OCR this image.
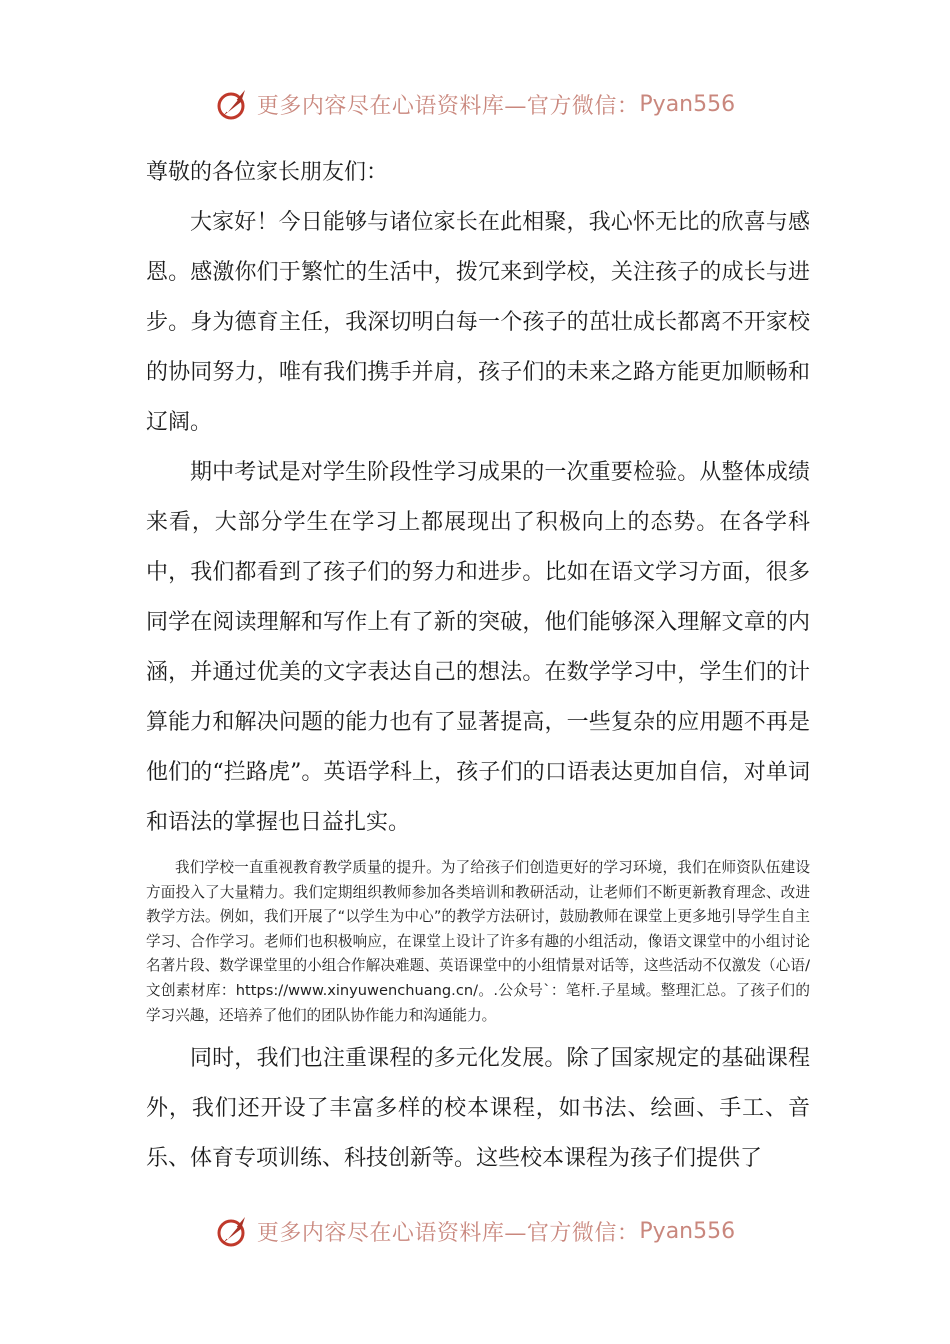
更多内容尽在心语资料库—官方微信： Pyan556

尊敬的各位家长朋友们：

大家好！今日能够与诸位家长在此相聚，我心怀无比的欣喜与感恩。感激你们于繁忙的生活中，拨冗来到学校，关注孩子的成长与进步。身为德育主任，我深切明白每一个孩子的茁壮成长都离不开家校的协同努力，唯有我们携手并肩，孩子们的未来之路方能更加顺畅和辽阔。

期中考试是对学生阶段性学习成果的一次重要检验。从整体成绩来看，大部分学生在学习上都展现出了积极向上的态势。在各学科中，我们都看到了孩子们的努力和进步。比如在语文学习方面，很多同学在阅读理解和写作上有了新的突破，他们能够深入理解文章的内涵，并通过优美的文字表达自己的想法。在数学学习中，学生们的计算能力和解决问题的能力也有了显著提高，一些复杂的应用题不再是他们的“拦路虎”。英语学科上，孩子们的口语表达更加自信，对单词和语法的掌握也日益扎实。

我们学校一直重视教育教学质量的提升。为了给孩子们创造更好的学习环境，我们在师资队伍建设方面投入了大量精力。我们定期组织教师参加各类培训和教研活动，让老师们不断更新教育理念、改进教学方法。例如，我们开展了“以学生为中心”的教学方法研讨，鼓励教师在课堂上更多地引导学生自主学习、合作学习。老师们也积极响应，在课堂上设计了许多有趣的小组活动，像语文课堂中的小组讨论名著片段、数学课堂里的小组合作解决难题、英语课堂中的小组情景对话等，这些活动不仅激发（心语/文创素材库：https://www.xinyuwenchuang.cn/。.公众号`：笔杆.子星域。整理汇总。了孩子们的学习兴趣，还培养了他们的团队协作能力和沟通能力。

同时，我们也注重课程的多元化发展。除了国家规定的基础课程外，我们还开设了丰富多样的校本课程，如书法、绘画、手工、音乐、体育专项训练、科技创新等。这些校本课程为孩子们提供了

更多内容尽在心语资料库—官方微信： Pyan556
